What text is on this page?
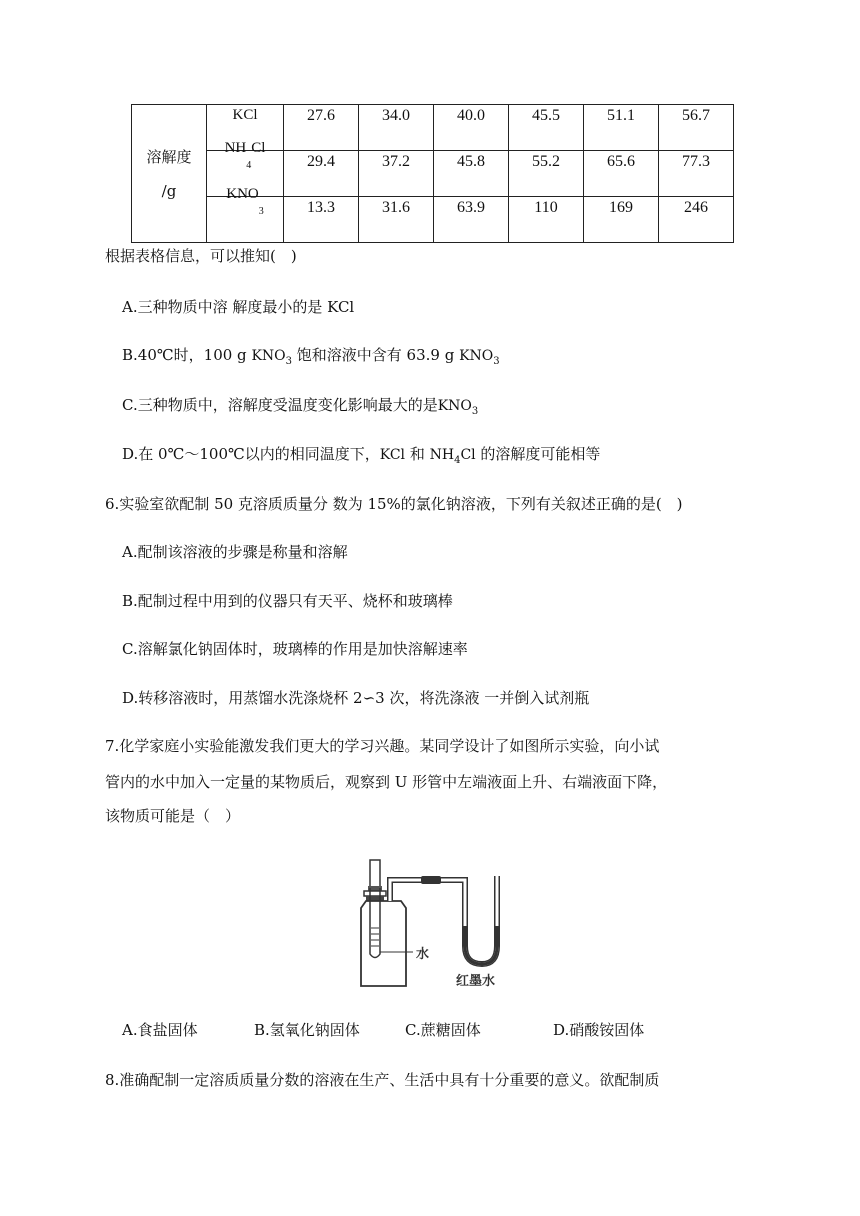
溶解度
/g	KCl	27.6	34.0	40.0	45.5	51.1	56.7
	$NH_4Cl$	29.4	37.2	45.8	55.2	65.6	77.3
	$KNO_3$	13.3	31.6	63.9	110	169	246
根据表格信息，可以推知(　)
A.三种物质中溶 解度最小的是 KCl
B.40℃时，100 g $KNO_3$ 饱和溶液中含有 63.9 g $KNO_3$
C.三种物质中，溶解度受温度变化影响最大的是$KNO_3$
D.在 0℃～100℃以内的相同温度下，KCl 和 $NH_4Cl$ 的溶解度可能相等
6.实验室欲配制 50 克溶质质量分 数为 15%的氯化钠溶液，下列有关叙述正确的是(　)
A.配制该溶液的步骤是称量和溶解
B.配制过程中用到的仪器只有天平、烧杯和玻璃棒
C.溶解氯化钠固体时，玻璃棒的作用是加快溶解速率
D.转移溶液时，用蒸馏水洗涤烧杯 2∽3 次，将洗涤液 一并倒入试剂瓶
7.化学家庭小实验能激发我们更大的学习兴趣。某同学设计了如图所示实验，向小试
管内的水中加入一定量的某物质后，观察到 U 形管中左端液面上升、右端液面下降，
该物质可能是（　）
水
红墨水
A.食盐固体	B.氢氧化钠固体	C.蔗糖固体	D.硝酸铵固体
8.准确配制一定溶质质量分数的溶液在生产、生活中具有十分重要的意义。欲配制质
